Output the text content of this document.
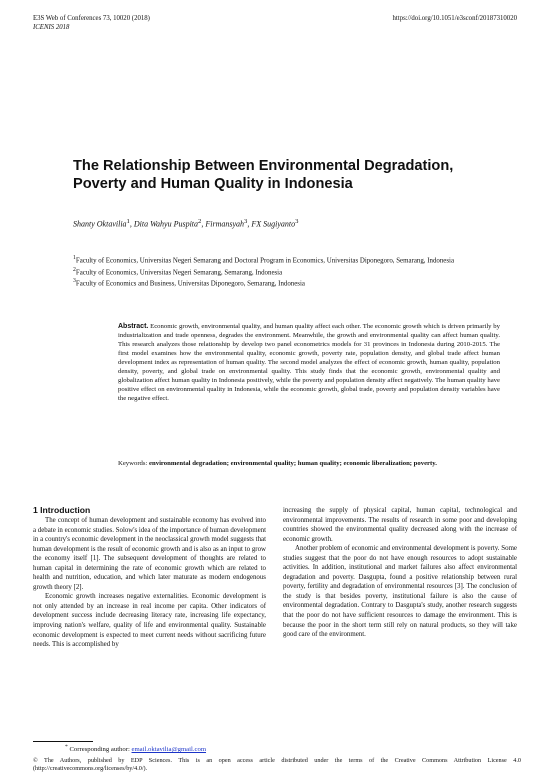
E3S Web of Conferences 73, 10020 (2018)	https://doi.org/10.1051/e3sconf/20187310020
ICENIS 2018
The Relationship Between Environmental Degradation, Poverty and Human Quality in Indonesia
Shanty Oktavilia$^1$, Dita Wahyu Puspita$^2$, Firmansyah$^3$, FX Sugiyanto$^3$
$^1$Faculty of Economics, Universitas Negeri Semarang and Doctoral Program in Economics, Universitas Diponegoro, Semarang, Indonesia
$^2$Faculty of Economics, Universitas Negeri Semarang, Semarang, Indonesia
$^3$Faculty of Economics and Business, Universitas Diponegoro, Semarang, Indonesia
Abstract. Economic growth, environmental quality, and human quality affect each other. The economic growth which is driven primarily by industrialization and trade openness, degrades the environment. Meanwhile, the growth and environmental quality can affect human quality. This research analyzes those relationship by develop two panel econometrics models for 31 provinces in Indonesia during 2010-2015. The first model examines how the environmental quality, economic growth, poverty rate, population density, and global trade affect human development index as representation of human quality. The second model analyzes the effect of economic growth, human quality, population density, poverty, and global trade on environmental quality. This study finds that the economic growth, environmental quality and globalization affect human quality in Indonesia positively, while the poverty and population density affect negatively. The human quality have positive effect on environmental quality in Indonesia, while the economic growth, global trade, poverty and population density variables have the negative effect.
Keywords: environmental degradation; environmental quality; human quality; economic liberalization; poverty.
1 Introduction

The concept of human development and sustainable economy has evolved into a debate in economic studies. Solow's idea of the importance of human development in a country's economic development in the neoclassical growth model suggests that human development is the result of economic growth and is also as an input to grow the economy itself [1]. The subsequent development of thoughts are related to human capital in determining the rate of economic growth which are related to health and nutrition, education, and which later maturate as modern endogenous growth theory [2].

Economic growth increases negative externalities. Economic development is not only attended by an increase in real income per capita. Other indicators of development success include decreasing literacy rate, increasing life expectancy, improving nation's welfare, quality of life and environmental quality. Sustainable economic development is expected to meet current needs without sacrificing future needs. This is accomplished by

increasing the supply of physical capital, human capital, technological and environmental improvements. The results of research in some poor and developing countries showed the environmental quality decreased along with the increase of economic growth.

Another problem of economic and environmental development is poverty. Some studies suggest that the poor do not have enough resources to adopt sustainable activities. In addition, institutional and market failures also affect environmental degradation and poverty. Dasgupta, found a positive relationship between rural poverty, fertility and degradation of environmental resources [3]. The conclusion of the study is that besides poverty, institutional failure is also the cause of environmental degradation. Contrary to Dasgupta's study, another research suggests that the poor do not have sufficient resources to damage the environment. This is because the poor in the short term still rely on natural products, so they will take good care of the environment.

* Corresponding author: email.oktavilia@gmail.com
© The Authors, published by EDP Sciences. This is an open access article distributed under the terms of the Creative Commons Attribution License 4.0 (http://creativecommons.org/licenses/by/4.0/).
